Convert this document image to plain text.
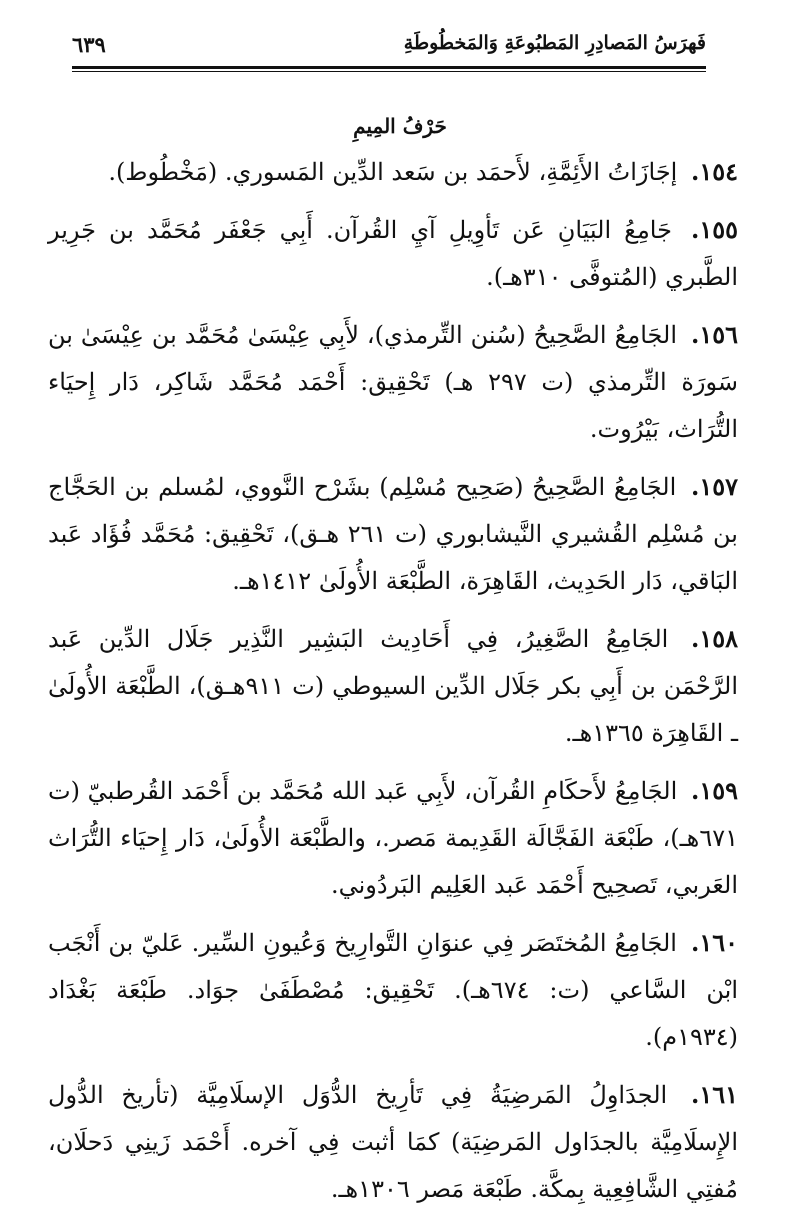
فَهرَسُ المَصادِرِ المَطبُوعَةِ وَالمَخطُوطَةِ
٦٣٩
حَرْفُ المِيمِ

١٥٤. إجَازَاتُ الأَئِمَّةِ، لأَحمَد بن سَعد الدِّين المَسوري. (مَخْطُوط).

١٥٥. جَامِعُ البَيَانِ عَن تَأوِيلِ آيِ القُرآن. أَبِي جَعْفَر مُحَمَّد بن جَرِير الطَّبري (المُتوفَّى ٣١٠هـ).

١٥٦. الجَامِعُ الصَّحِيحُ (سُنن التِّرمذي)، لأَبِي عِيْسَىٰ مُحَمَّد بن عِيْسَىٰ بن سَورَة التِّرمذي (ت ٢٩٧ هـ) تَحْقِيق: أَحْمَد مُحَمَّد شَاكِر، دَار إِحيَاء التُّرَاث، بَيْرُوت.

١٥٧. الجَامِعُ الصَّحِيحُ (صَحِيح مُسْلِم) بشَرْح النَّووي، لمُسلم بن الحَجَّاج بن مُسْلِم القُشيري النَّيشابوري (ت ٢٦١ هـق)، تَحْقِيق: مُحَمَّد فُؤَاد عَبد البَاقي، دَار الحَدِيث، القَاهِرَة، الطَّبْعَة الأُولَىٰ ١٤١٢هـ.

١٥٨. الجَامِعُ الصَّغِيرُ، فِي أَحَادِيث البَشِير النَّذِير جَلَال الدِّين عَبد الرَّحْمَن بن أَبِي بكر جَلَال الدِّين السيوطي (ت ٩١١هـق)، الطَّبْعَة الأُولَىٰ ـ القَاهِرَة ١٣٦٥هـ.

١٥٩. الجَامِعُ لأَحكَامِ القُرآن، لأَبِي عَبد الله مُحَمَّد بن أَحْمَد القُرطبيّ (ت ٦٧١هـ)، طَبْعَة الفَجَّالَة القَدِيمة مَصر.، والطَّبْعَة الأُولَىٰ، دَار إِحيَاء التُّرَاث العَربي، تَصحِيح أَحْمَد عَبد العَلِيم البَردُوني.

١٦٠. الجَامِعُ المُختَصَر فِي عنوَانِ التَّوارِيخ وَعُيونِ السِّير. عَليّ بن أَنْجَب ابْن السَّاعي (ت: ٦٧٤هـ). تَحْقِيق: مُصْطَفَىٰ جوَاد. طَبْعَة بَغْدَاد (١٩٣٤م).

١٦١. الجدَاوِلُ المَرضِيَةُ فِي تَأرِيخ الدُّوَل الإسلَامِيَّة (تأريخ الدُّول الإِسلَامِيَّة بالجدَاول المَرضِيَة) كمَا أثبت فِي آخره. أَحْمَد زَينِي دَحلَان، مُفتِي الشَّافِعِية بِمكَّة. طَبْعَة مَصر ١٣٠٦هـ.
